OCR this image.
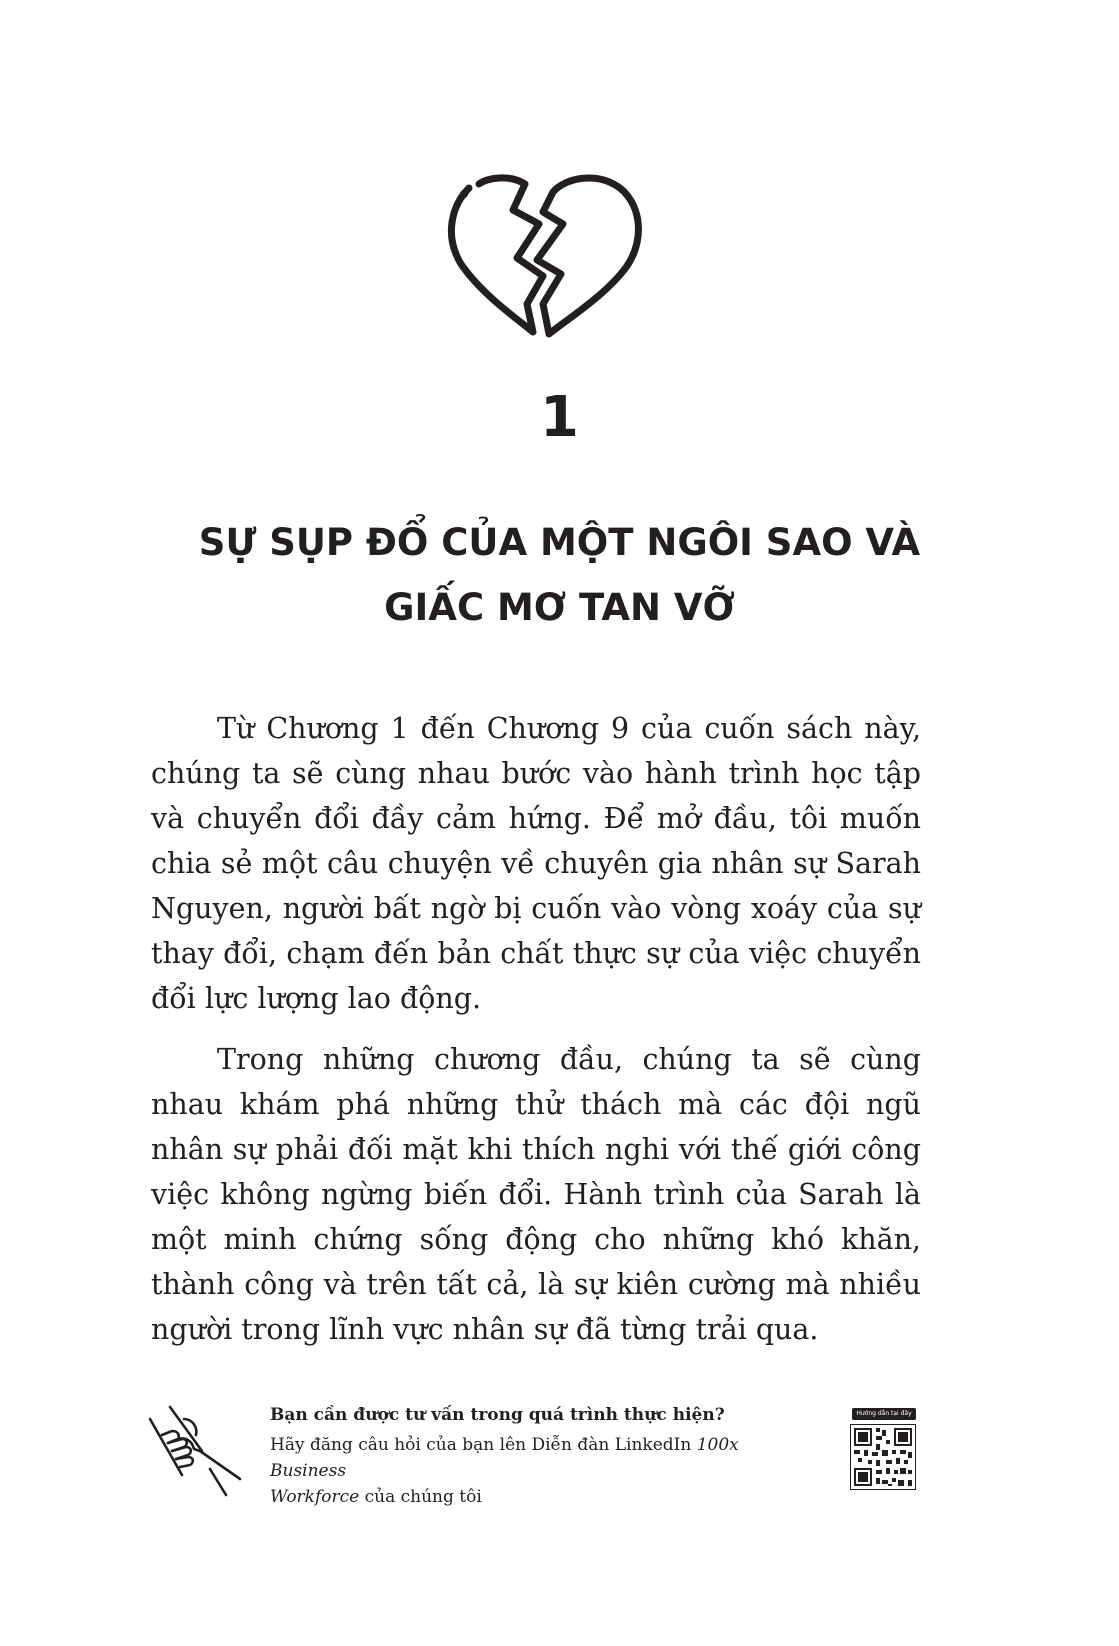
1
SỰ SỤP ĐỔ CỦA MỘT NGÔI SAO VÀ
GIẤC MƠ TAN VỠ

Từ Chương 1 đến Chương 9 của cuốn sách này, chúng ta sẽ cùng nhau bước vào hành trình học tập và chuyển đổi đầy cảm hứng. Để mở đầu, tôi muốn chia sẻ một câu chuyện về chuyên gia nhân sự Sarah Nguyen, người bất ngờ bị cuốn vào vòng xoáy của sự thay đổi, chạm đến bản chất thực sự của việc chuyển đổi lực lượng lao động.

Trong những chương đầu, chúng ta sẽ cùng nhau khám phá những thử thách mà các đội ngũ nhân sự phải đối mặt khi thích nghi với thế giới công việc không ngừng biến đổi. Hành trình của Sarah là một minh chứng sống động cho những khó khăn, thành công và trên tất cả, là sự kiên cường mà nhiều người trong lĩnh vực nhân sự đã từng trải qua.

Bạn cần được tư vấn trong quá trình thực hiện?
Hãy đăng câu hỏi của bạn lên Diễn đàn LinkedIn 100x Business
Workforce của chúng tôi
Hướng dẫn tại đây
